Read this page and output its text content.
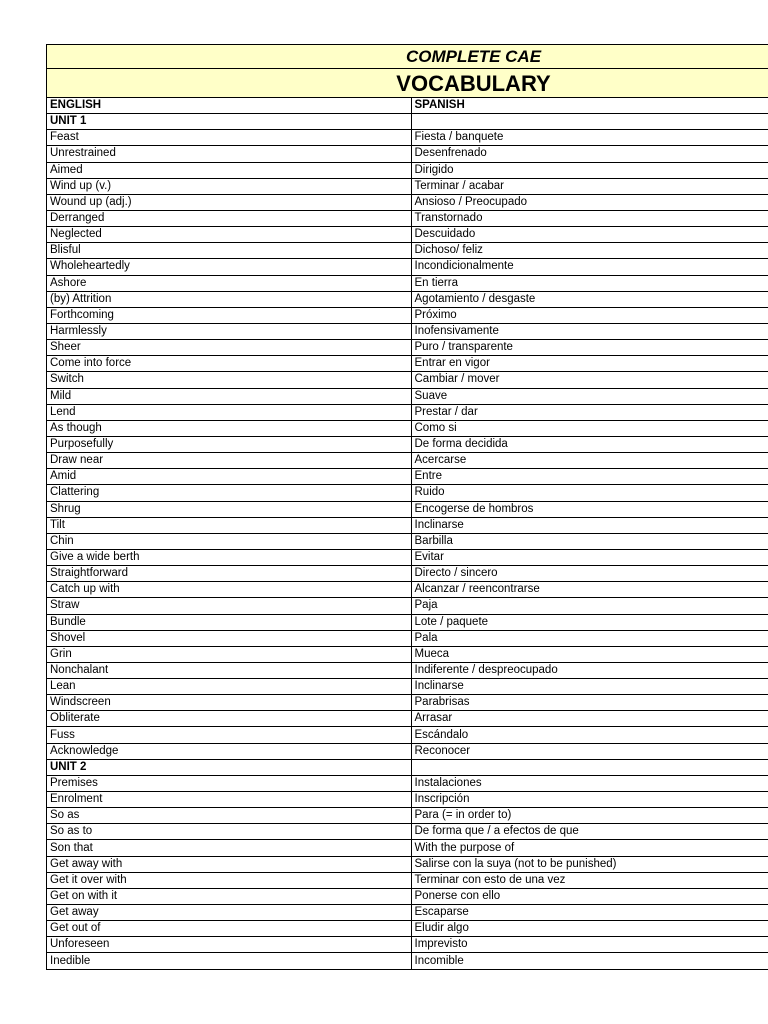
COMPLETE CAE	
VOCABULARY	
ENGLISH	SPANISH
UNIT 1	
Feast	Fiesta / banquete
Unrestrained	Desenfrenado
Aimed	Dirigido
Wind up (v.)	Terminar / acabar
Wound up (adj.)	Ansioso / Preocupado
Derranged	Transtornado
Neglected	Descuidado
Blisful	Dichoso/ feliz
Wholeheartedly	Incondicionalmente
Ashore	En tierra
(by) Attrition	Agotamiento / desgaste
Forthcoming	Próximo
Harmlessly	Inofensivamente
Sheer	Puro / transparente
Come into force	Entrar en vigor
Switch	Cambiar / mover
Mild	Suave
Lend	Prestar / dar
As though	Como si
Purposefully	De forma decidida
Draw near	Acercarse
Amid	Entre
Clattering	Ruido
Shrug	Encogerse de hombros
Tilt	Inclinarse
Chin	Barbilla
Give a wide berth	Evitar
Straightforward	Directo / sincero
Catch up with	Alcanzar / reencontrarse
Straw	Paja
Bundle	Lote / paquete
Shovel	Pala
Grin	Mueca
Nonchalant	Indiferente / despreocupado
Lean	Inclinarse
Windscreen	Parabrisas
Obliterate	Arrasar
Fuss	Escándalo
Acknowledge	Reconocer
UNIT 2	
Premises	Instalaciones
Enrolment	Inscripción
So as	Para (= in order to)
So as to	De forma que / a efectos de que
Son that	With the purpose of
Get away with	Salirse con la suya (not to be punished)
Get it over with	Terminar con esto de una vez
Get on with it	Ponerse con ello
Get away	Escaparse
Get out of	Eludir algo
Unforeseen	Imprevisto
Inedible	Incomible
